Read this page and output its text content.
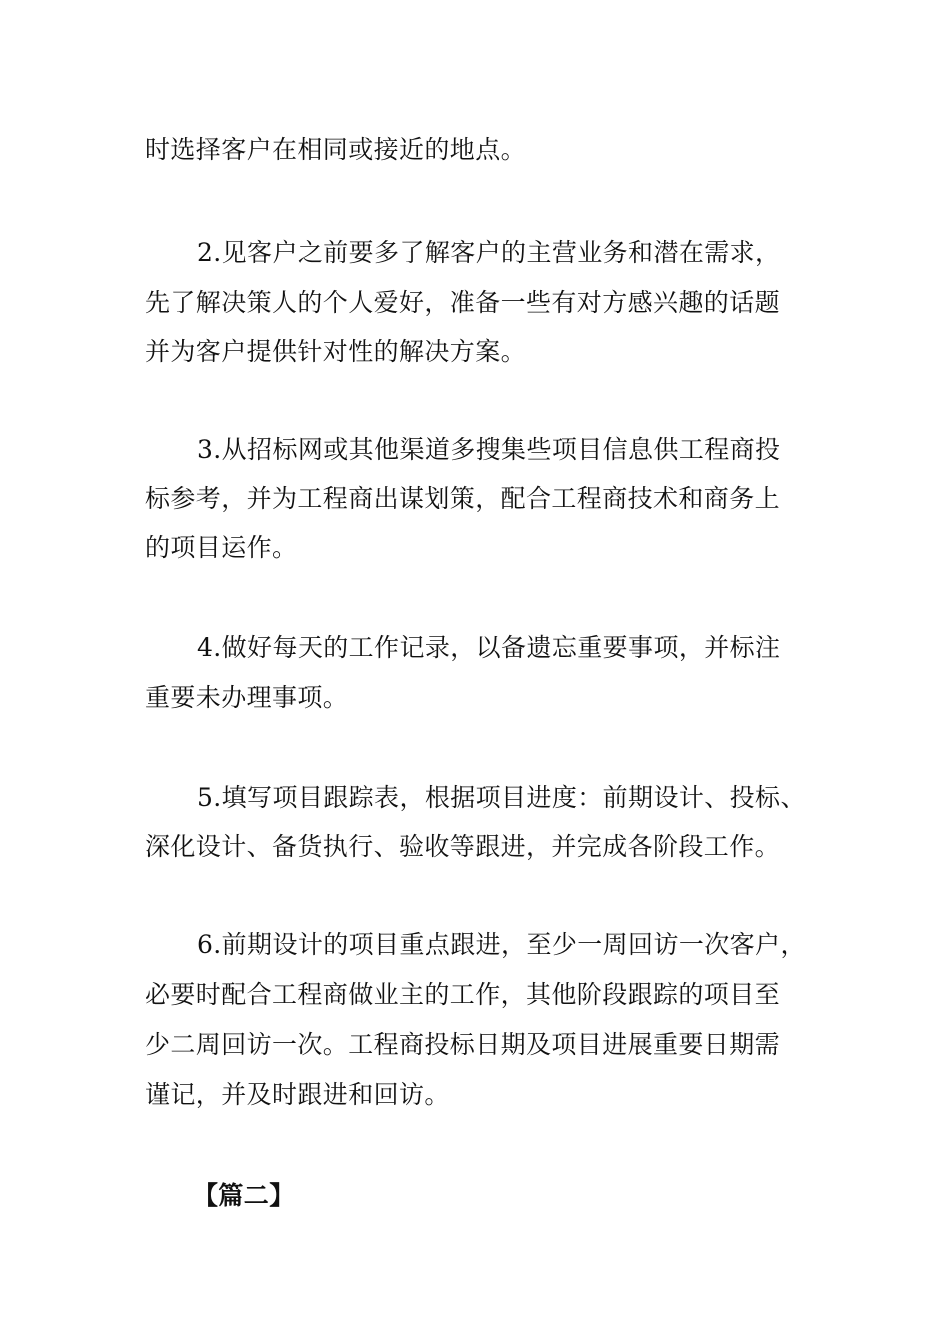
时选择客户在相同或接近的地点。

2.见客户之前要多了解客户的主营业务和潜在需求，

先了解决策人的个人爱好，准备一些有对方感兴趣的话题

并为客户提供针对性的解决方案。

3.从招标网或其他渠道多搜集些项目信息供工程商投

标参考，并为工程商出谋划策，配合工程商技术和商务上

的项目运作。

4.做好每天的工作记录，以备遗忘重要事项，并标注

重要未办理事项。

5.填写项目跟踪表，根据项目进度：前期设计、投标、

深化设计、备货执行、验收等跟进，并完成各阶段工作。

6.前期设计的项目重点跟进，至少一周回访一次客户，

必要时配合工程商做业主的工作，其他阶段跟踪的项目至

少二周回访一次。工程商投标日期及项目进展重要日期需

谨记，并及时跟进和回访。

【篇二】
